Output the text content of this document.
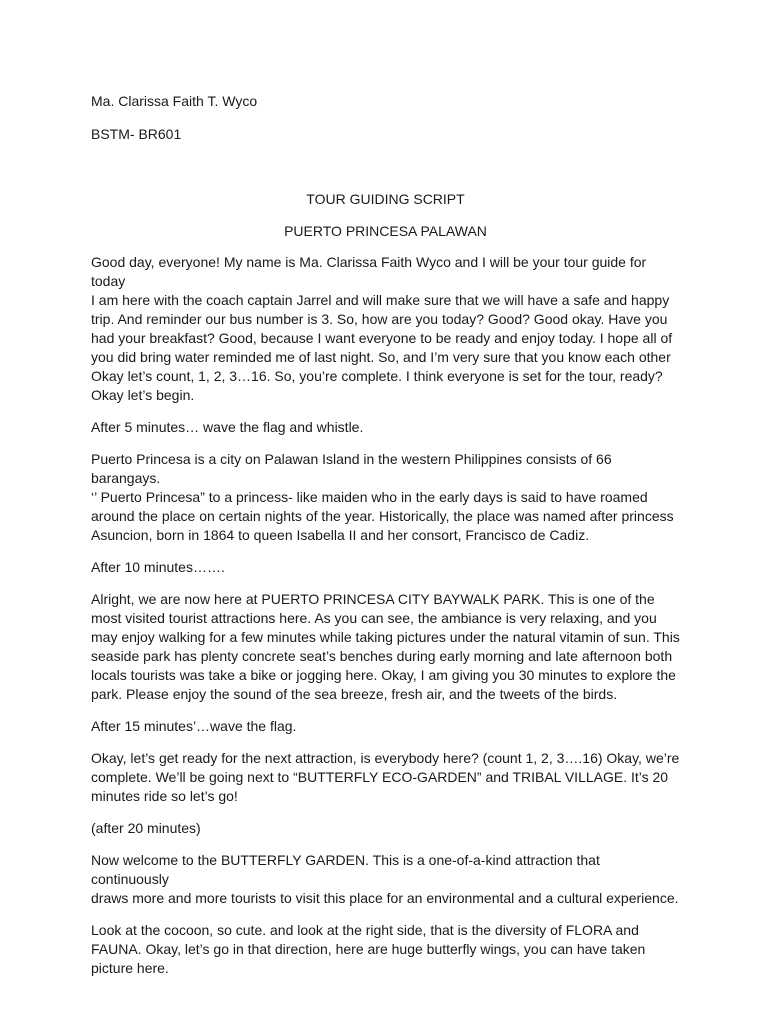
Ma. Clarissa Faith T. Wyco

BSTM- BR601

TOUR GUIDING SCRIPT

PUERTO PRINCESA PALAWAN

Good day, everyone! My name is Ma. Clarissa Faith Wyco and I will be your tour guide for today
I am here with the coach captain Jarrel and will make sure that we will have a safe and happy
trip. And reminder our bus number is 3. So, how are you today? Good? Good okay. Have you
had your breakfast? Good, because I want everyone to be ready and enjoy today. I hope all of
you did bring water reminded me of last night. So, and I’m very sure that you know each other
Okay let’s count, 1, 2, 3…16. So, you’re complete. I think everyone is set for the tour, ready?
Okay let’s begin.

After 5 minutes… wave the flag and whistle.

Puerto Princesa is a city on Palawan Island in the western Philippines consists of 66 barangays.
‘’ Puerto Princesa” to a princess- like maiden who in the early days is said to have roamed
around the place on certain nights of the year. Historically, the place was named after princess
Asuncion, born in 1864 to queen Isabella II and her consort, Francisco de Cadiz.

After 10 minutes…….

Alright, we are now here at PUERTO PRINCESA CITY BAYWALK PARK. This is one of the
most visited tourist attractions here. As you can see, the ambiance is very relaxing, and you
may enjoy walking for a few minutes while taking pictures under the natural vitamin of sun. This
seaside park has plenty concrete seat’s benches during early morning and late afternoon both
locals tourists was take a bike or jogging here. Okay, I am giving you 30 minutes to explore the
park. Please enjoy the sound of the sea breeze, fresh air, and the tweets of the birds.

After 15 minutes’…wave the flag.

Okay, let’s get ready for the next attraction, is everybody here? (count 1, 2, 3….16) Okay, we’re
complete. We’ll be going next to “BUTTERFLY ECO-GARDEN” and TRIBAL VILLAGE. It’s 20
minutes ride so let’s go!

(after 20 minutes)

Now welcome to the BUTTERFLY GARDEN. This is a one-of-a-kind attraction that continuously
draws more and more tourists to visit this place for an environmental and a cultural experience.

Look at the cocoon, so cute. and look at the right side, that is the diversity of FLORA and
FAUNA. Okay, let’s go in that direction, here are huge butterfly wings, you can have taken
picture here.
